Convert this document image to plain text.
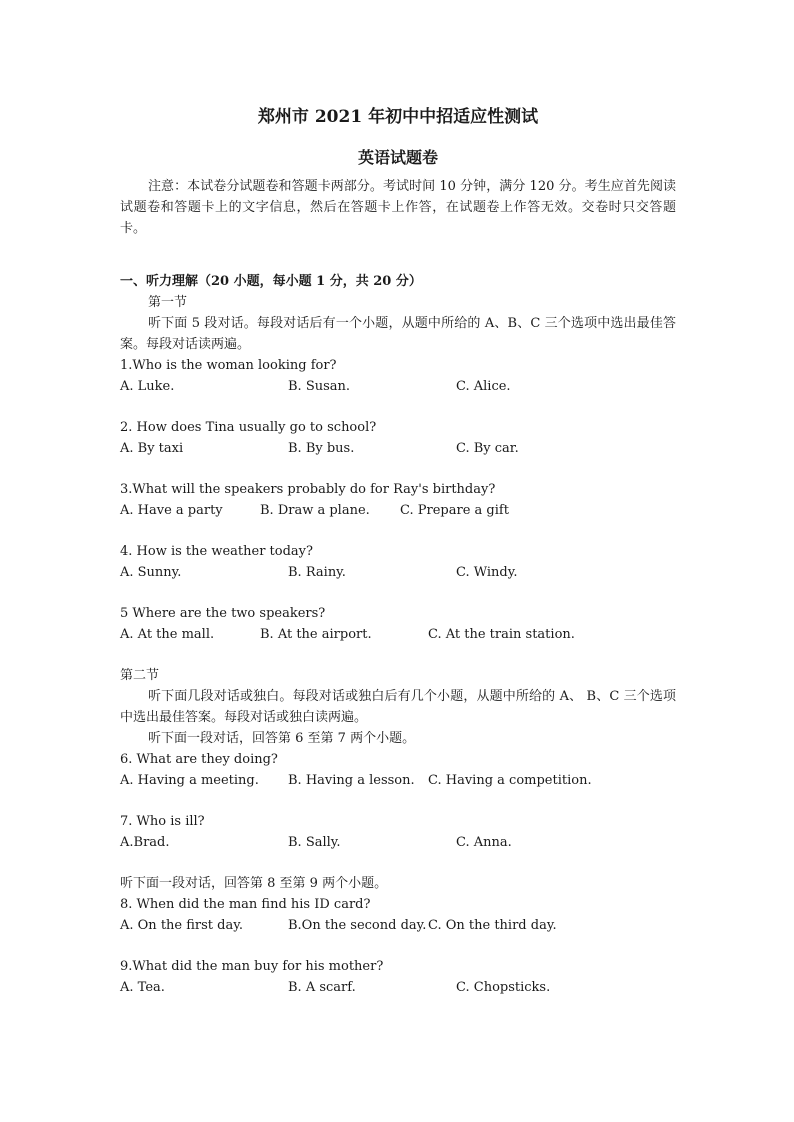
郑州市 2021 年初中中招适应性测试
英语试题卷

注意：本试卷分试题卷和答题卡两部分。考试时间 10 分钟，满分 120 分。考生应首先阅读试题卷和答题卡上的文字信息，然后在答题卡上作答，在试题卷上作答无效。交卷时只交答题卡。

一、听力理解（20 小题，每小题 1 分，共 20 分）

第一节

听下面 5 段对话。每段对话后有一个小题，从题中所给的 A、B、C 三个选项中选出最佳答案。每段对话读两遍。

1.Who is the woman looking for?

A. Luke.	B. Susan.	C. Alice.

2. How does Tina usually go to school?

A. By taxi	B. By bus.	C. By car.

3.What will the speakers probably do for Ray's birthday?

A. Have a party	B. Draw a plane. C. Prepare a gift

4. How is the weather today?

A. Sunny.	B. Rainy.	C. Windy.

5 Where are the two speakers?

A. At the mall.	B. At the airport.	C. At the train station.

第二节

听下面几段对话或独白。每段对话或独白后有几个小题，从题中所给的 A、 B、C 三个选项中选出最佳答案。每段对话或独白读两遍。

听下面一段对话，回答第 6 至第 7 两个小题。

6. What are they doing?

A. Having a meeting. B. Having a lesson. C. Having a competition.

7. Who is ill?

A.Brad.	B. Sally.	C. Anna.

听下面一段对话，回答第 8 至第 9 两个小题。

8. When did the man find his ID card?

A. On the first day.	B.On the second day. C. On the third day.

9.What did the man buy for his mother?

A. Tea.	B. A scarf.	C. Chopsticks.
